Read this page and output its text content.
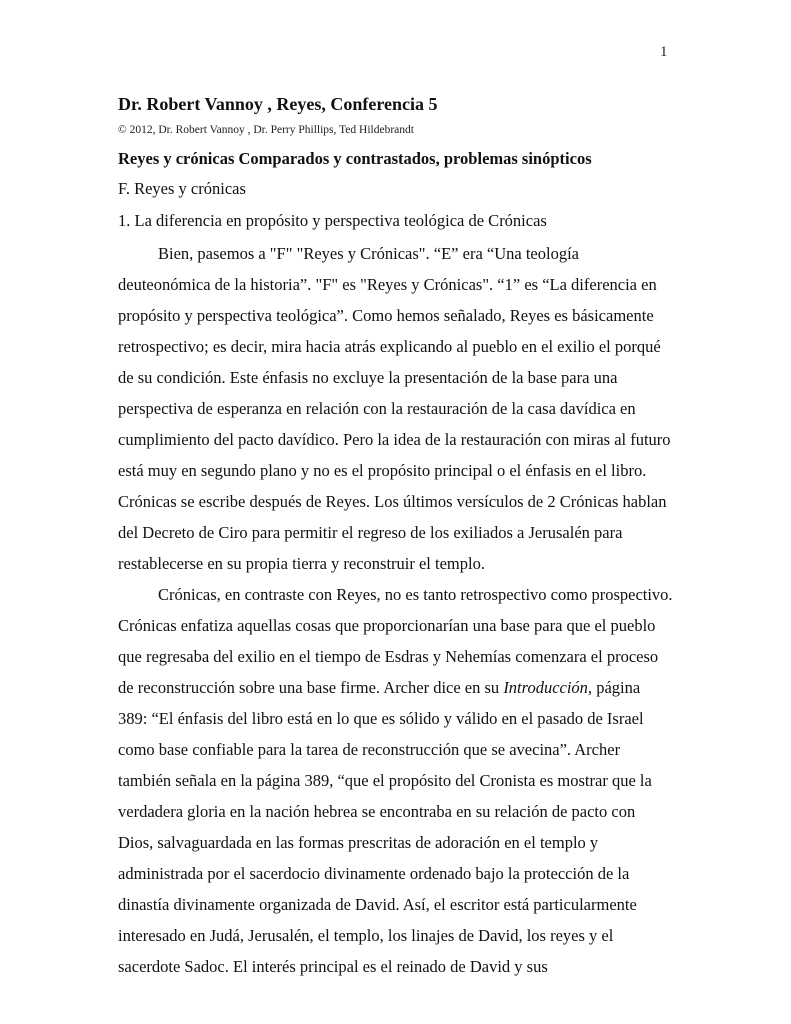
1
Dr. Robert Vannoy , Reyes, Conferencia 5

© 2012, Dr. Robert Vannoy , Dr. Perry Phillips, Ted Hildebrandt

Reyes y crónicas Comparados y contrastados, problemas sinópticos

F. Reyes y crónicas

1. La diferencia en propósito y perspectiva teológica de Crónicas

Bien, pasemos a "F" "Reyes y Crónicas". “E” era “Una teología deuteonómica de la historia”. "F" es "Reyes y Crónicas". “1” es “La diferencia en propósito y perspectiva teológica”. Como hemos señalado, Reyes es básicamente retrospectivo; es decir, mira hacia atrás explicando al pueblo en el exilio el porqué de su condición. Este énfasis no excluye la presentación de la base para una perspectiva de esperanza en relación con la restauración de la casa davídica en cumplimiento del pacto davídico. Pero la idea de la restauración con miras al futuro está muy en segundo plano y no es el propósito principal o el énfasis en el libro. Crónicas se escribe después de Reyes. Los últimos versículos de 2 Crónicas hablan del Decreto de Ciro para permitir el regreso de los exiliados a Jerusalén para restablecerse en su propia tierra y reconstruir el templo.

Crónicas, en contraste con Reyes, no es tanto retrospectivo como prospectivo. Crónicas enfatiza aquellas cosas que proporcionarían una base para que el pueblo que regresaba del exilio en el tiempo de Esdras y Nehemías comenzara el proceso de reconstrucción sobre una base firme. Archer dice en su Introducción, página 389: “El énfasis del libro está en lo que es sólido y válido en el pasado de Israel como base confiable para la tarea de reconstrucción que se avecina”. Archer también señala en la página 389, “que el propósito del Cronista es mostrar que la verdadera gloria en la nación hebrea se encontraba en su relación de pacto con Dios, salvaguardada en las formas prescritas de adoración en el templo y administrada por el sacerdocio divinamente ordenado bajo la protección de la dinastía divinamente organizada de David. Así, el escritor está particularmente interesado en Judá, Jerusalén, el templo, los linajes de David, los reyes y el sacerdote Sadoc. El interés principal es el reinado de David y sus
